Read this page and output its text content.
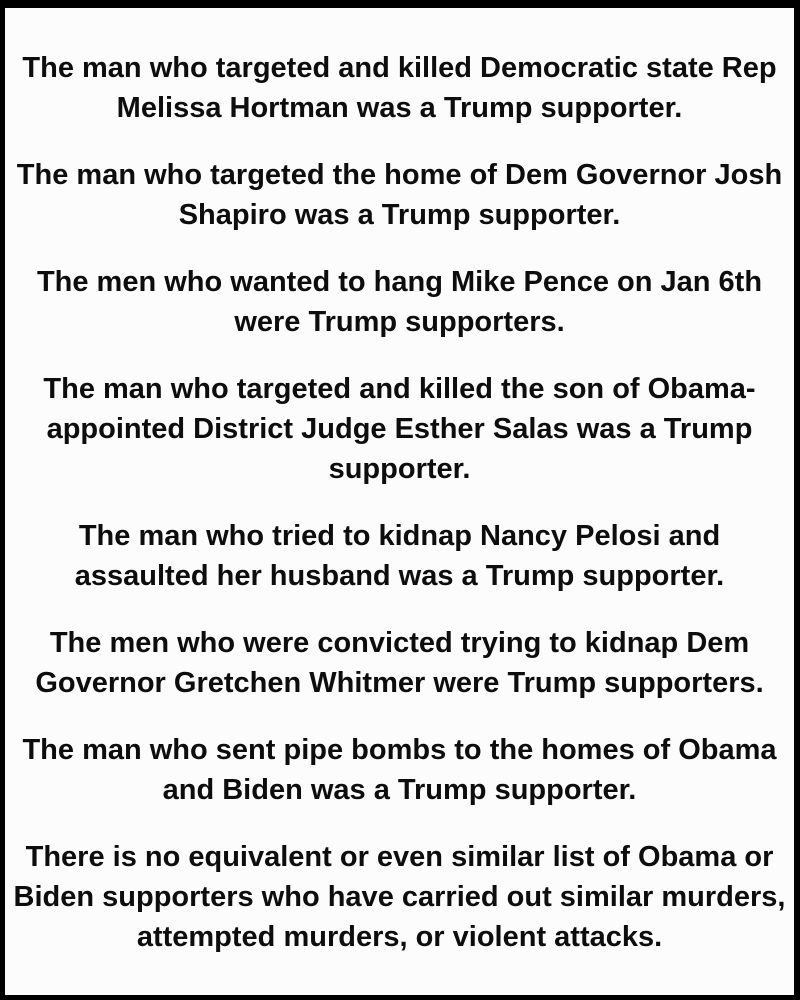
The man who targeted and killed Democratic state Rep Melissa Hortman was a Trump supporter.

The man who targeted the home of Dem Governor Josh Shapiro was a Trump supporter.

The men who wanted to hang Mike Pence on Jan 6th were Trump supporters.

The man who targeted and killed the son of Obama-appointed District Judge Esther Salas was a Trump supporter.

The man who tried to kidnap Nancy Pelosi and assaulted her husband was a Trump supporter.

The men who were convicted trying to kidnap Dem Governor Gretchen Whitmer were Trump supporters.

The man who sent pipe bombs to the homes of Obama and Biden was a Trump supporter.

There is no equivalent or even similar list of Obama or Biden supporters who have carried out similar murders, attempted murders, or violent attacks.
